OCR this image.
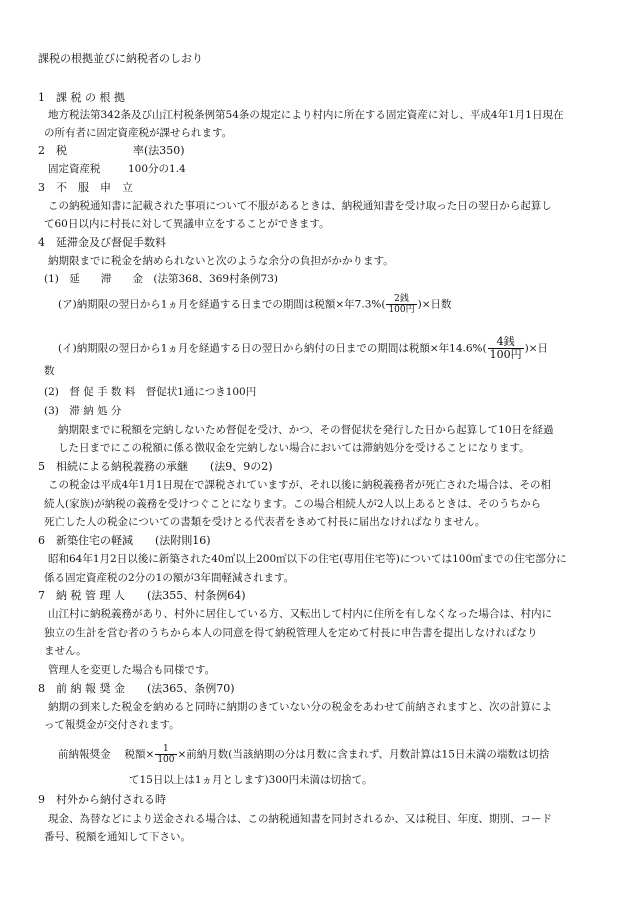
課税の根拠並びに納税者のしおり
1　課 税 の 根 拠
地方税法第342条及び山江村税条例第54条の規定により村内に所在する固定資産に対し、平成4年1月1日現在
の所有者に固定資産税が課せられます。
2　税　　　　　　率(法350)
固定資産税	100分の1.4
3　不　服　申　立
この納税通知書に記載された事項について不服があるときは、納税通知書を受け取った日の翌日から起算し
て60日以内に村長に対して異議申立をすることができます。
4　延滞金及び督促手数料
納期限までに税金を納められないと次のような余分の負担がかかります。
(1)　延　　滞　　金　(法第368、369村条例73)
(ア)納期限の翌日から1ヵ月を経過する日までの期間は税額×年$7.3\%( \frac{\text{2銭}}{\text{100円}}$ )×日数
(イ)納期限の翌日から1ヵ月を経過する日の翌日から納付の日までの期間は税額×年$14.6\%( \frac{\text{4銭}}{\text{100円}}$ )×日
数
(2)　督 促 手 数 料　督促状1通につき100円
(3)　滞 納 処 分
納期限までに税額を完納しないため督促を受け、かつ、その督促状を発行した日から起算して10日を経過
した日までにこの税額に係る徴収金を完納しない場合においては滞納処分を受けることになります。
5　相続による納税義務の承継　　(法9、9の2)
この税金は平成4年1月1日現在で課税されていますが、それ以後に納税義務者が死亡された場合は、その相
続人(家族)が納税の義務を受けつぐことになります。この場合相続人が2人以上あるときは、そのうちから
死亡した人の税金についての書類を受けとる代表者をきめて村長に届出なければなりません。
6　新築住宅の軽減　　(法附則16)
昭和64年1月2日以後に新築された40㎡以上200㎡以下の住宅(専用住宅等)については100㎡までの住宅部分に
係る固定資産税の2分の1の額が3年間軽減されます。
7　納 税 管 理 人　　(法355、村条例64)
山江村に納税義務があり、村外に居住している方、又転出して村内に住所を有しなくなった場合は、村内に
独立の生計を営む者のうちから本人の同意を得て納税管理人を定めて村長に申告書を提出しなければなり
ません。
管理人を変更した場合も同様です。
8　前 納 報 奨 金　　(法365、条例70)
納期の到来した税金を納めると同時に納期のきていない分の税金をあわせて前納されますと、次の計算によ
って報奨金が交付されます。
前納報奨金 税額× $\frac{1}{100}$ ×前納月数(当該納期の分は月数に含まれず、月数計算は15日未満の端数は切捨
て15日以上は1ヵ月とします)300円未満は切捨て。
9　村外から納付される時
現金、為替などにより送金される場合は、この納税通知書を同封されるか、又は税目、年度、期別、コード
番号、税額を通知して下さい。
